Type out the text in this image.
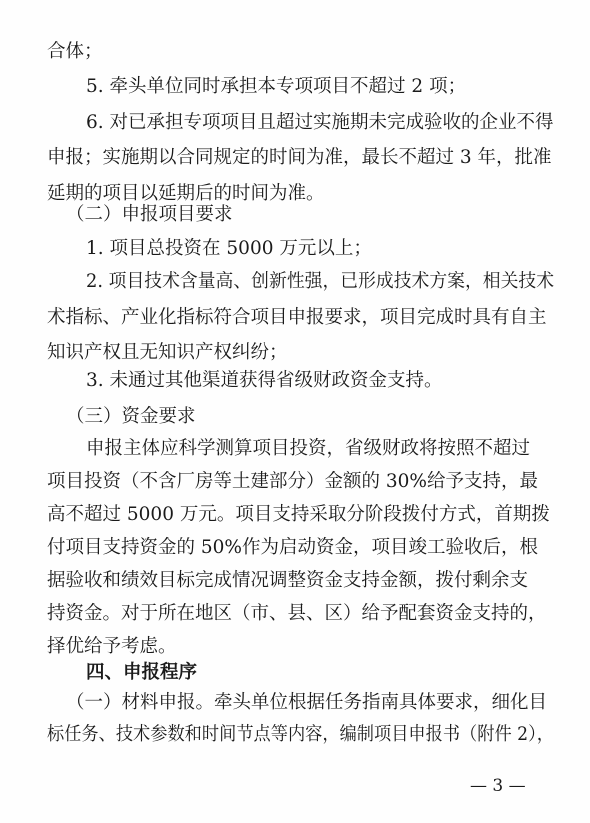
合体；
5. 牵头单位同时承担本专项项目不超过 2 项；
6. 对已承担专项项目且超过实施期未完成验收的企业不得
申报；实施期以合同规定的时间为准，最长不超过 3 年，批准
延期的项目以延期后的时间为准。
（二）申报项目要求
1. 项目总投资在 5000 万元以上；
2. 项目技术含量高、创新性强，已形成技术方案，相关技术
术指标、产业化指标符合项目申报要求，项目完成时具有自主
知识产权且无知识产权纠纷；
3. 未通过其他渠道获得省级财政资金支持。
（三）资金要求
申报主体应科学测算项目投资，省级财政将按照不超过
项目投资（不含厂房等土建部分）金额的 30%给予支持，最
高不超过 5000 万元。项目支持采取分阶段拨付方式，首期拨
付项目支持资金的 50%作为启动资金，项目竣工验收后，根
据验收和绩效目标完成情况调整资金支持金额，拨付剩余支
持资金。对于所在地区（市、县、区）给予配套资金支持的，
择优给予考虑。
四、申报程序
（一）材料申报。牵头单位根据任务指南具体要求，细化目
标任务、技术参数和时间节点等内容，编制项目申报书（附件 2），
— 3 —
